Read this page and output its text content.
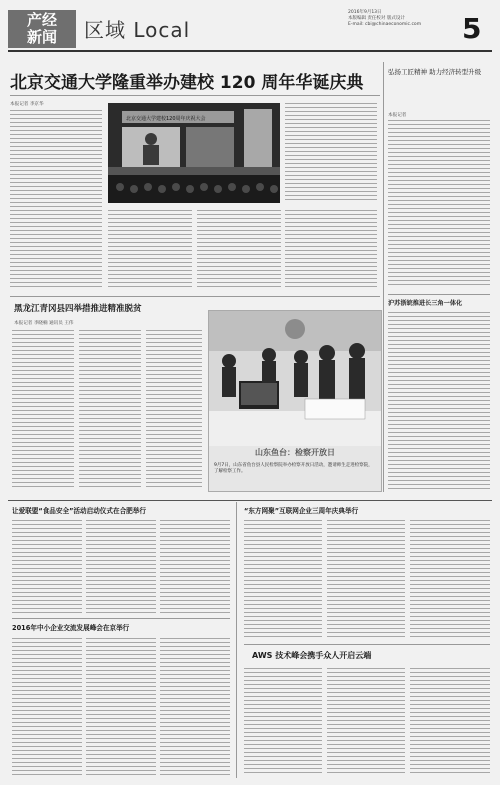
产经
新闻	区域 Local
2016年9月13日
本版编辑 责任校对 版式设计
E-mail: cbi@chinaeconomic.com	5
北京交通大学隆重举办建校 120 周年华诞庆典
本报记者 李京华
北京交通大学建校120周年庆祝大会
弘扬工匠精神 助力经济转型升级
本报记者
沪苏浙皖推进长三角一体化
黑龙江青冈县四举措推进精准脱贫
本报记者 李晓楠 通讯员 王伟
山东鱼台：检察开放日
9月7日，山东省鱼台县人民检察院举办检察开放日活动，邀请师生走进检察院，了解检察工作。
让爱联盟“食品安全”活动启动仪式在合肥举行
2016年中小企业交流发展峰会在京举行
“东方网聚”互联网企业三周年庆典举行
AWS 技术峰会携手众人开启云端
